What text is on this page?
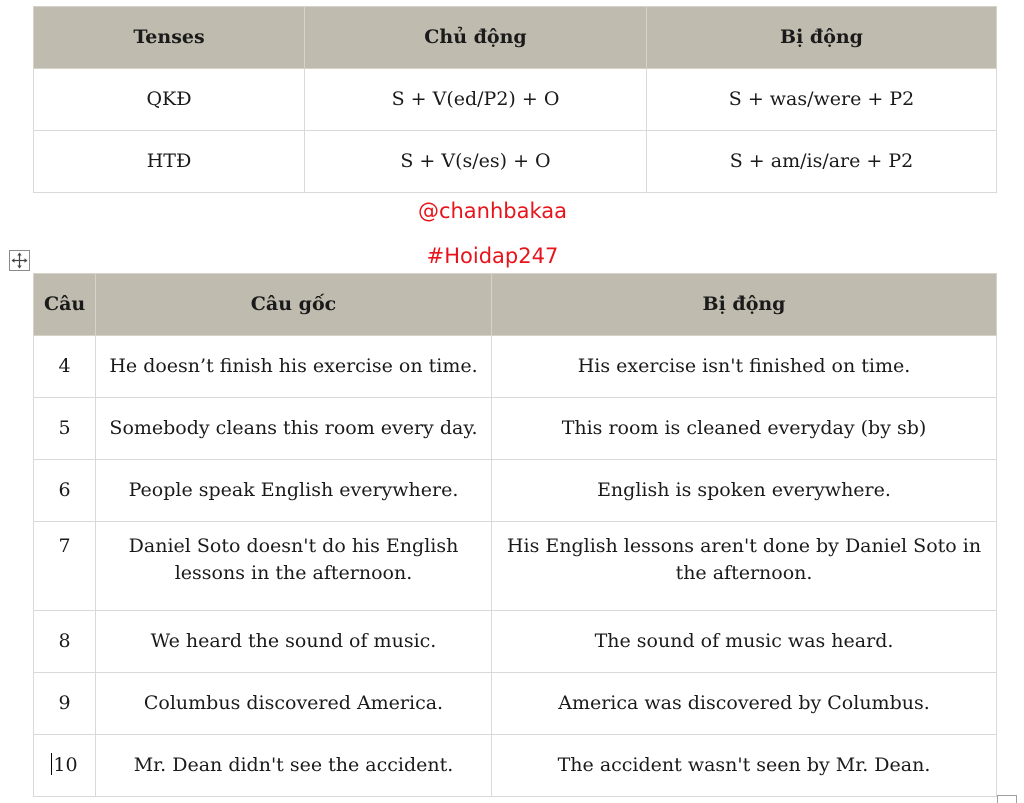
Tenses	Chủ động	Bị động
QKĐ	S + V(ed/P2) + O	S + was/were + P2
HTĐ	S + V(s/es) + O	S + am/is/are + P2
@chanhbakaa
#Hoidap247
Câu	Câu gốc	Bị động
4	He doesn’t finish his exercise on time.	His exercise isn't finished on time.
5	Somebody cleans this room every day.	This room is cleaned everyday (by sb)
6	People speak English everywhere.	English is spoken everywhere.
7	Daniel Soto doesn't do his English lessons in the afternoon.	His English lessons aren't done by Daniel Soto in the afternoon.
8	We heard the sound of music.	The sound of music was heard.
9	Columbus discovered America.	America was discovered by Columbus.
10	Mr. Dean didn't see the accident.	The accident wasn't seen by Mr. Dean.
